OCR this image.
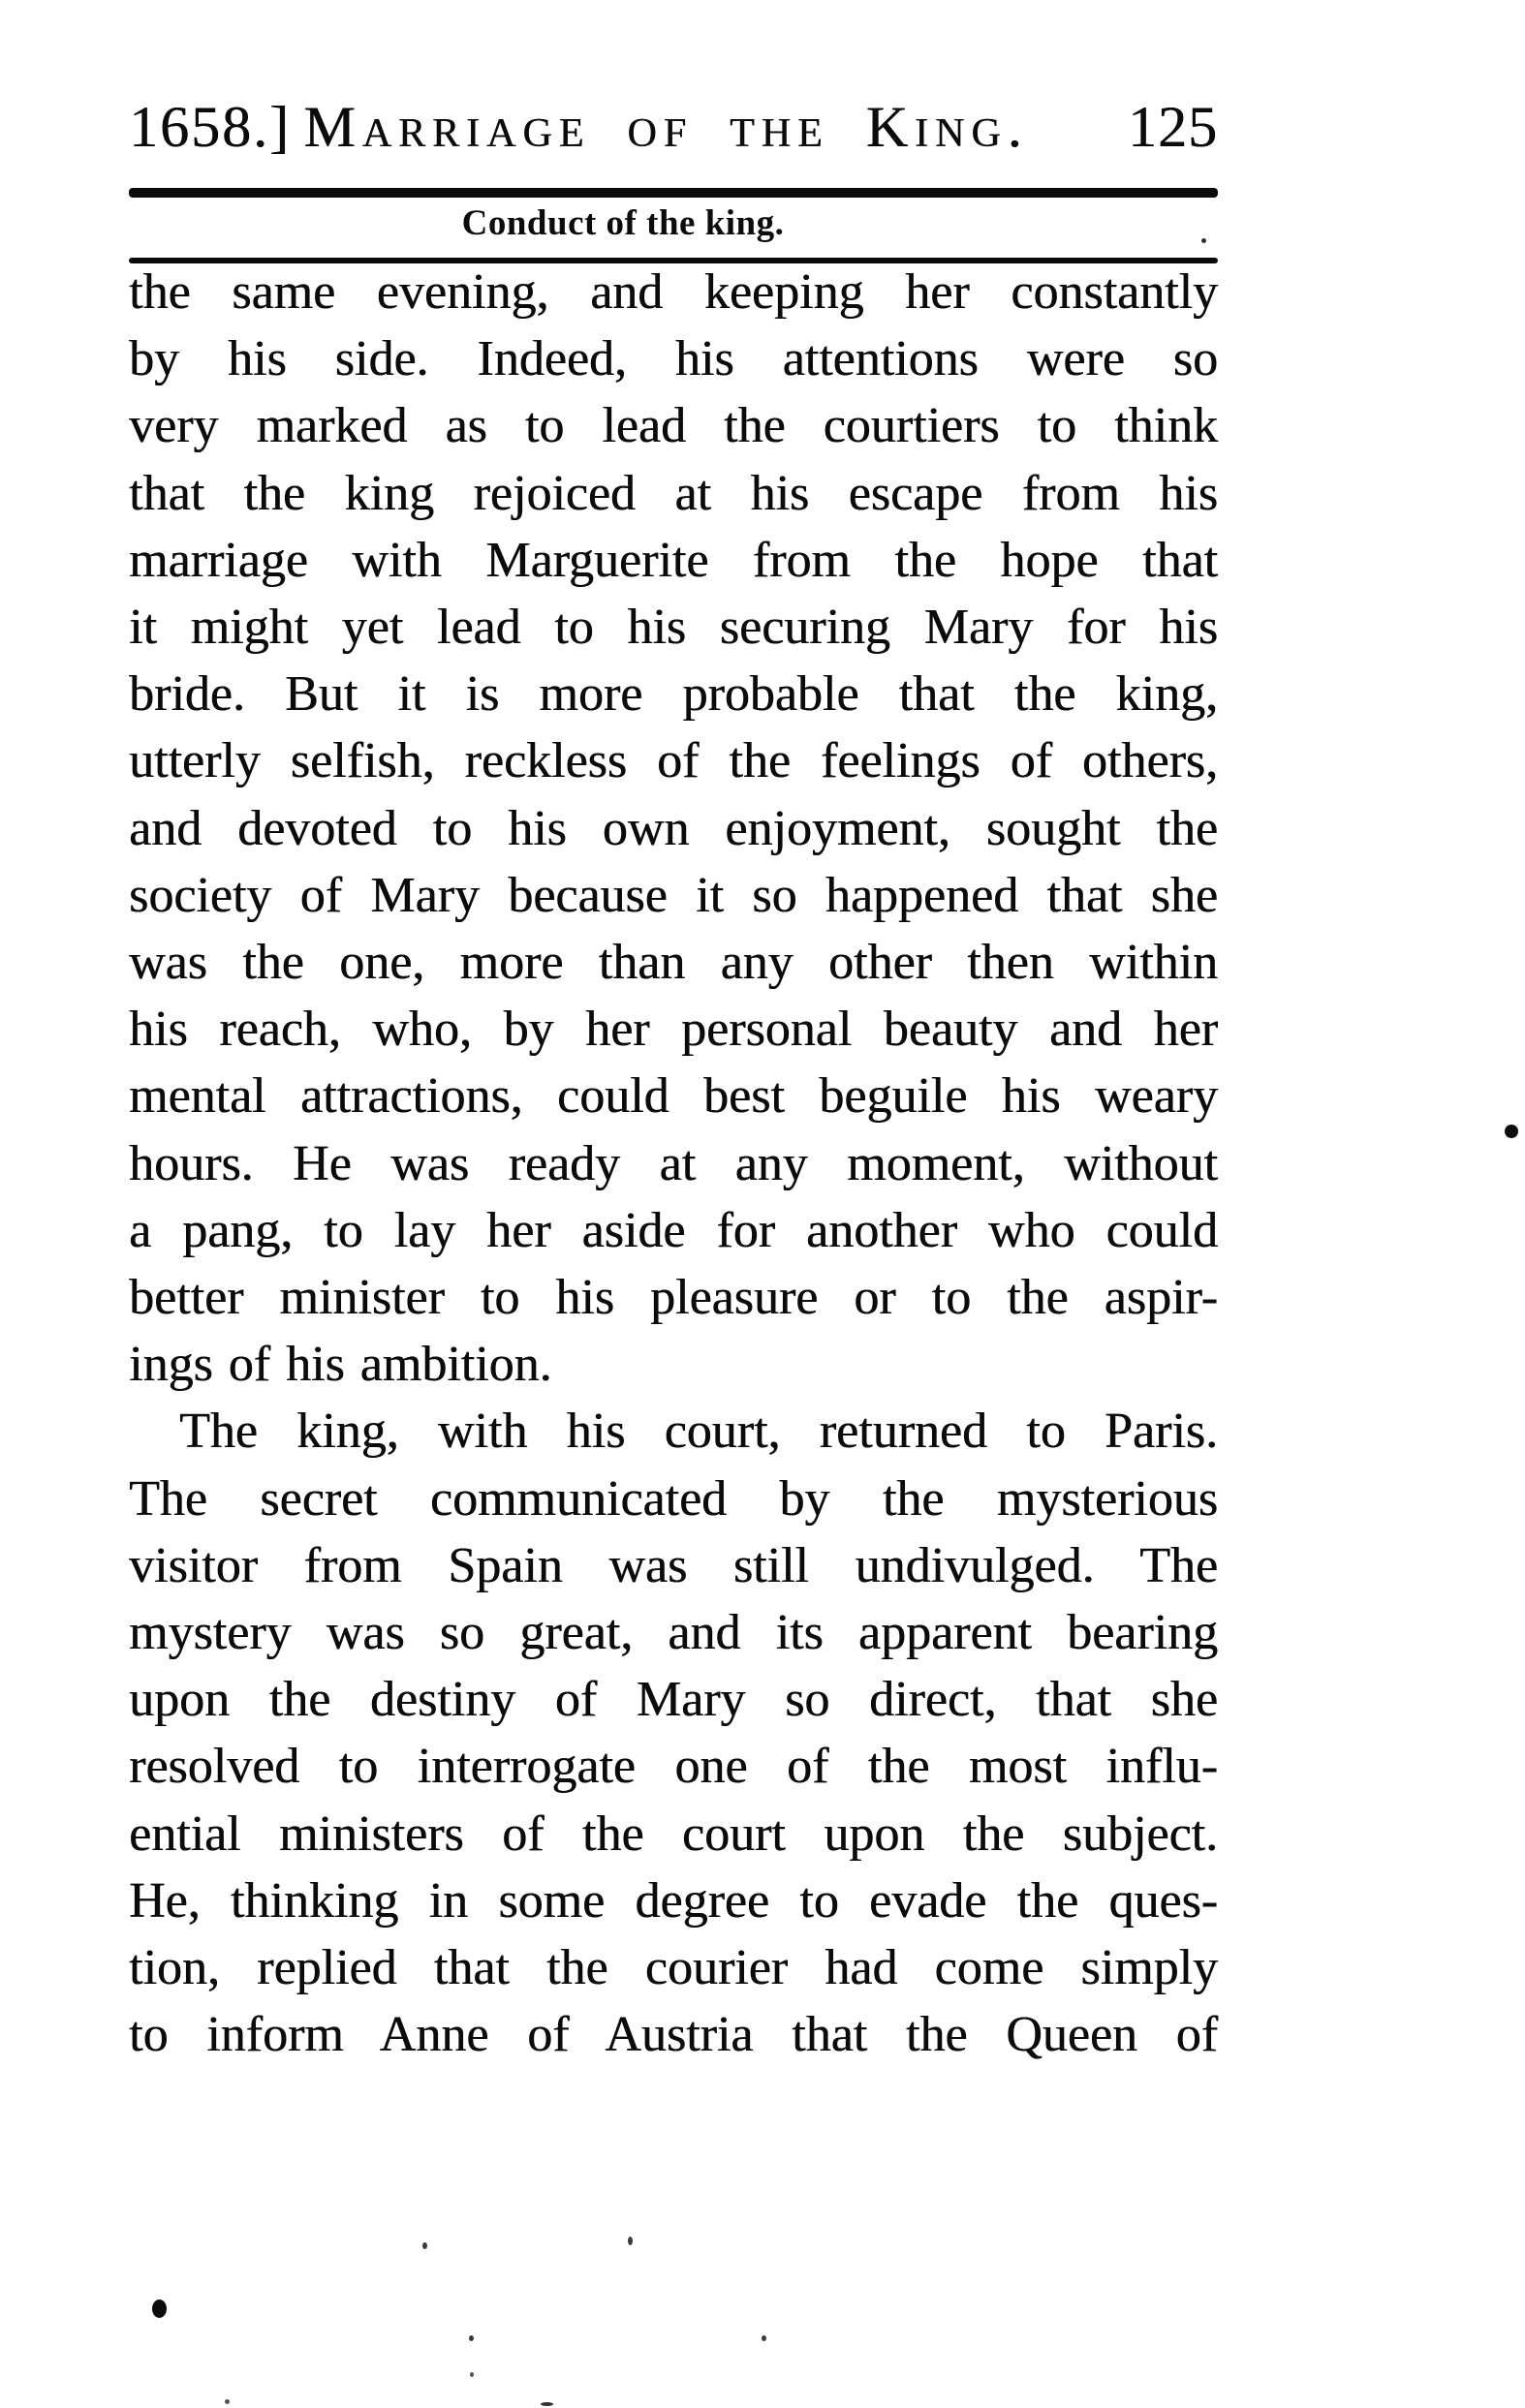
1658.] Marriage of the King. 125
Conduct of the king.
the same evening, and keeping her constantly
by his side. Indeed, his attentions were so
very marked as to lead the courtiers to think
that the king rejoiced at his escape from his
marriage with Marguerite from the hope that
it might yet lead to his securing Mary for his
bride. But it is more probable that the king,
utterly selfish, reckless of the feelings of others,
and devoted to his own enjoyment, sought the
society of Mary because it so happened that she
was the one, more than any other then within
his reach, who, by her personal beauty and her
mental attractions, could best beguile his weary
hours. He was ready at any moment, without
a pang, to lay her aside for another who could
better minister to his pleasure or to the aspir-
ings of his ambition.
The king, with his court, returned to Paris.
The secret communicated by the mysterious
visitor from Spain was still undivulged. The
mystery was so great, and its apparent bearing
upon the destiny of Mary so direct, that she
resolved to interrogate one of the most influ-
ential ministers of the court upon the subject.
He, thinking in some degree to evade the ques-
tion, replied that the courier had come simply
to inform Anne of Austria that the Queen of
